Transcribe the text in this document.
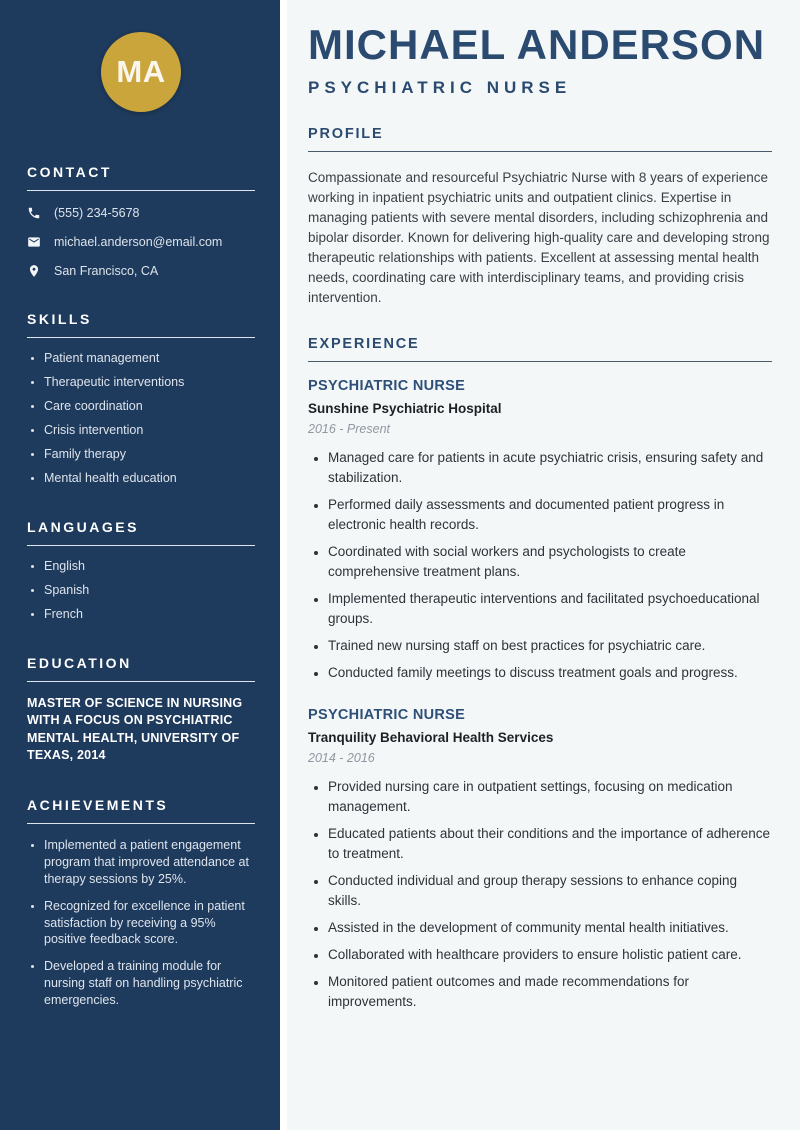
MA
CONTACT
(555) 234-5678
michael.anderson@email.com
San Francisco, CA
SKILLS
• Patient management
• Therapeutic interventions
• Care coordination
• Crisis intervention
• Family therapy
• Mental health education
LANGUAGES
• English
• Spanish
• French
EDUCATION

MASTER OF SCIENCE IN NURSING WITH A FOCUS ON PSYCHIATRIC MENTAL HEALTH, UNIVERSITY OF TEXAS, 2014

ACHIEVEMENTS
• Implemented a patient engagement program that improved attendance at therapy sessions by 25%.
• Recognized for excellence in patient satisfaction by receiving a 95% positive feedback score.
• Developed a training module for nursing staff on handling psychiatric emergencies.
MICHAEL ANDERSON
PSYCHIATRIC NURSE
PROFILE

Compassionate and resourceful Psychiatric Nurse with 8 years of experience working in inpatient psychiatric units and outpatient clinics. Expertise in managing patients with severe mental disorders, including schizophrenia and bipolar disorder. Known for delivering high-quality care and developing strong therapeutic relationships with patients. Excellent at assessing mental health needs, coordinating care with interdisciplinary teams, and providing crisis intervention.

EXPERIENCE
PSYCHIATRIC NURSE
Sunshine Psychiatric Hospital
2016 - Present
• Managed care for patients in acute psychiatric crisis, ensuring safety and stabilization.
• Performed daily assessments and documented patient progress in electronic health records.
• Coordinated with social workers and psychologists to create comprehensive treatment plans.
• Implemented therapeutic interventions and facilitated psychoeducational groups.
• Trained new nursing staff on best practices for psychiatric care.
• Conducted family meetings to discuss treatment goals and progress.
PSYCHIATRIC NURSE
Tranquility Behavioral Health Services
2014 - 2016
• Provided nursing care in outpatient settings, focusing on medication management.
• Educated patients about their conditions and the importance of adherence to treatment.
• Conducted individual and group therapy sessions to enhance coping skills.
• Assisted in the development of community mental health initiatives.
• Collaborated with healthcare providers to ensure holistic patient care.
• Monitored patient outcomes and made recommendations for improvements.
